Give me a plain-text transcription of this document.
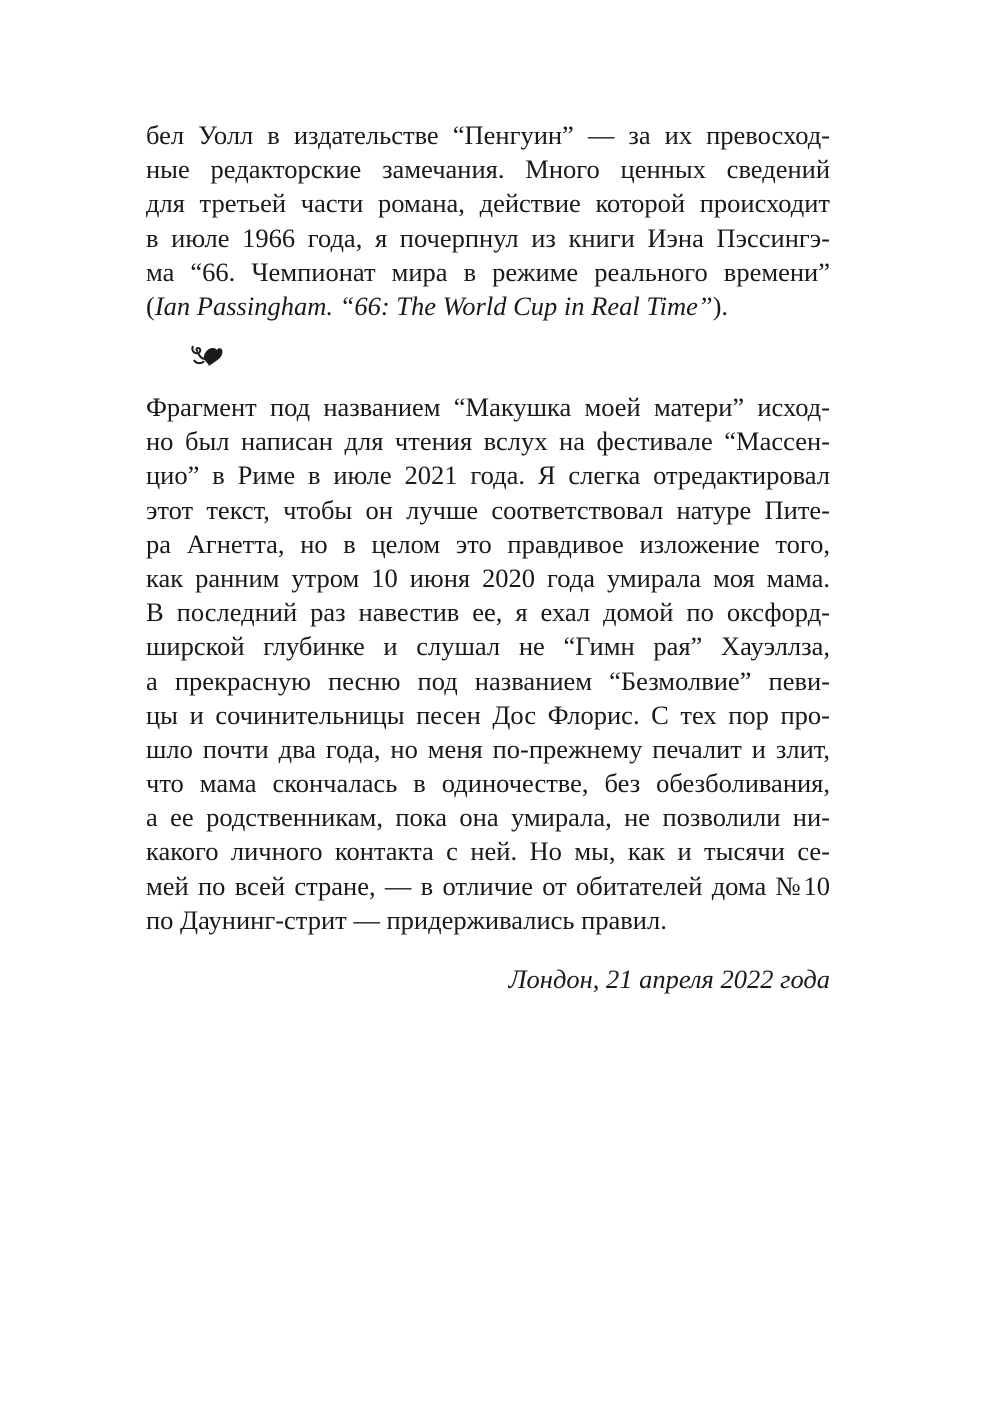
бел Уолл в издательстве “Пенгуин” — за их превосход-
ные редакторские замечания. Много ценных сведений
для третьей части романа, действие которой происходит
в июле 1966 года, я почерпнул из книги Иэна Пэссингэ-
ма “66. Чемпионат мира в режиме реального времени”
(Ian Passingham. “66: The World Cup in Real Time”).
Фрагмент под названием “Макушка моей матери” исход-
но был написан для чтения вслух на фестивале “Массен-
цио” в Риме в июле 2021 года. Я слегка отредактировал
этот текст, чтобы он лучше соответствовал натуре Пите-
ра Агнетта, но в целом это правдивое изложение того,
как ранним утром 10 июня 2020 года умирала моя мама.
В последний раз навестив ее, я ехал домой по оксфорд-
ширской глубинке и слушал не “Гимн рая” Хауэллза,
а прекрасную песню под названием “Безмолвие” певи-
цы и сочинительницы песен Дос Флорис. С тех пор про-
шло почти два года, но меня по-прежнему печалит и злит,
что мама скончалась в одиночестве, без обезболивания,
а ее родственникам, пока она умирала, не позволили ни-
какого личного контакта с ней. Но мы, как и тысячи се-
мей по всей стране, — в отличие от обитателей дома №10
по Даунинг-стрит — придерживались правил.
Лондон, 21 апреля 2022 года
